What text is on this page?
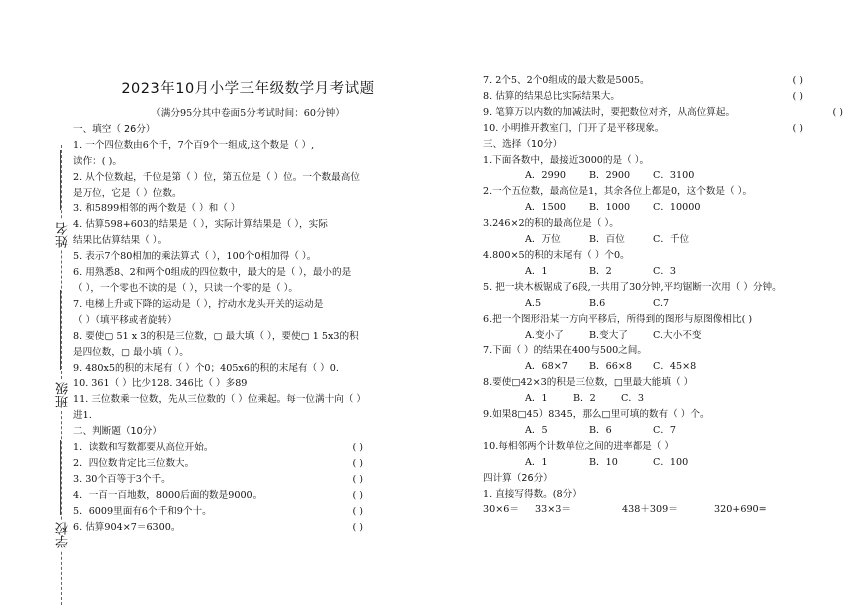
姓名
班级
学校
2023年10月小学三年级数学月考试题
（满分95分其中卷面5分考试时间：60分钟）
一、填空（ 26分）
1. 一个四位数由6个千，7个百9个一组成,这个数是（ ）,
读作：( )。
2. 从个位数起，千位是第（ ）位，第五位是（ ）位。一个数最高位
是万位，它是（ ）位数。
3. 和5899相邻的两个数是（ ）和（ ）
4. 估算598+603的结果是（ ），实际计算结果是（ ），实际
结果比估算结果（ ）。
5. 表示7个80相加的乘法算式（ ），100个0相加得（ ）。
6. 用熟悉8、2和两个0组成的四位数中，最大的是（ ），最小的是
（ ），一个零也不读的是（ ），只读一个零的是（ ）。
7. 电梯上升或下降的运动是（ ），拧动水龙头开关的运动是
（ ）（填平移或者旋转）
8. 要使▢ 51 x 3的积是三位数，▢ 最大填（ ），要使▢ 1 5x3的积
是四位数，▢ 最小填（ ）。
9. 480x5的积的末尾有（ ）个0；405x6的积的末尾有（ ）0.
10. 361（ ）比少128. 346比（ ）多89
11. 三位数乘一位数，先从三位数的（ ）位乘起。每一位满十向（ ）
进1.
二、判断题（10分）
1．读数和写数都要从高位开始。	( )
2．四位数肯定比三位数大。	( )
3. 30个百等于3个千。	( )
4．一百一百地数，8000后面的数是9000。	( )
5．6009里面有6个千和9个十。	( )
6. 估算904×7＝6300。	( )
7. 2个5、2个0组成的最大数是5005。	( )
8. 估算的结果总比实际结果大。	( )
9. 笔算万以内数的加减法时，要把数位对齐，从高位算起。	( )
10. 小明推开教室门，门开了是平移现象。	( )
三、选择（10分）
1.下面各数中，最接近3000的是（ ）。
A．2990 B．2900 C．3100
2.一个五位数，最高位是1，其余各位上都是0，这个数是（ ）。
A．1500 B．1000 C．10000
3.246×2的积的最高位是（ ）。
A．万位	B．百位	C．千位
4.800×5的积的末尾有（ ）个0。
A．1	B．2	C．3
5. 把一块木板锯成了6段,一共用了30分钟,平均锯断一次用（ ）分钟。
A.5	B.6	C.7
6.把一个图形沿某一方向平移后，所得到的图形与原图像相比( )
A.变小了	B.变大了	C.大小不变
7.下面（ ）的结果在400与500之间。
A．68×7 B．66×8 C．45×8
8.要使□42×3的积是三位数，□里最大能填（ ）
A．1	B．2	C．3
9.如果8□45）8345，那么□里可填的数有（ ）个。
A．5	B．6	C．7
10.每相邻两个计数单位之间的进率都是（ ）
A．1	B．10	C．100
四计算（26分）
1. 直接写得数。(8分）
30×6＝	33×3＝	438＋309＝	320+690=
